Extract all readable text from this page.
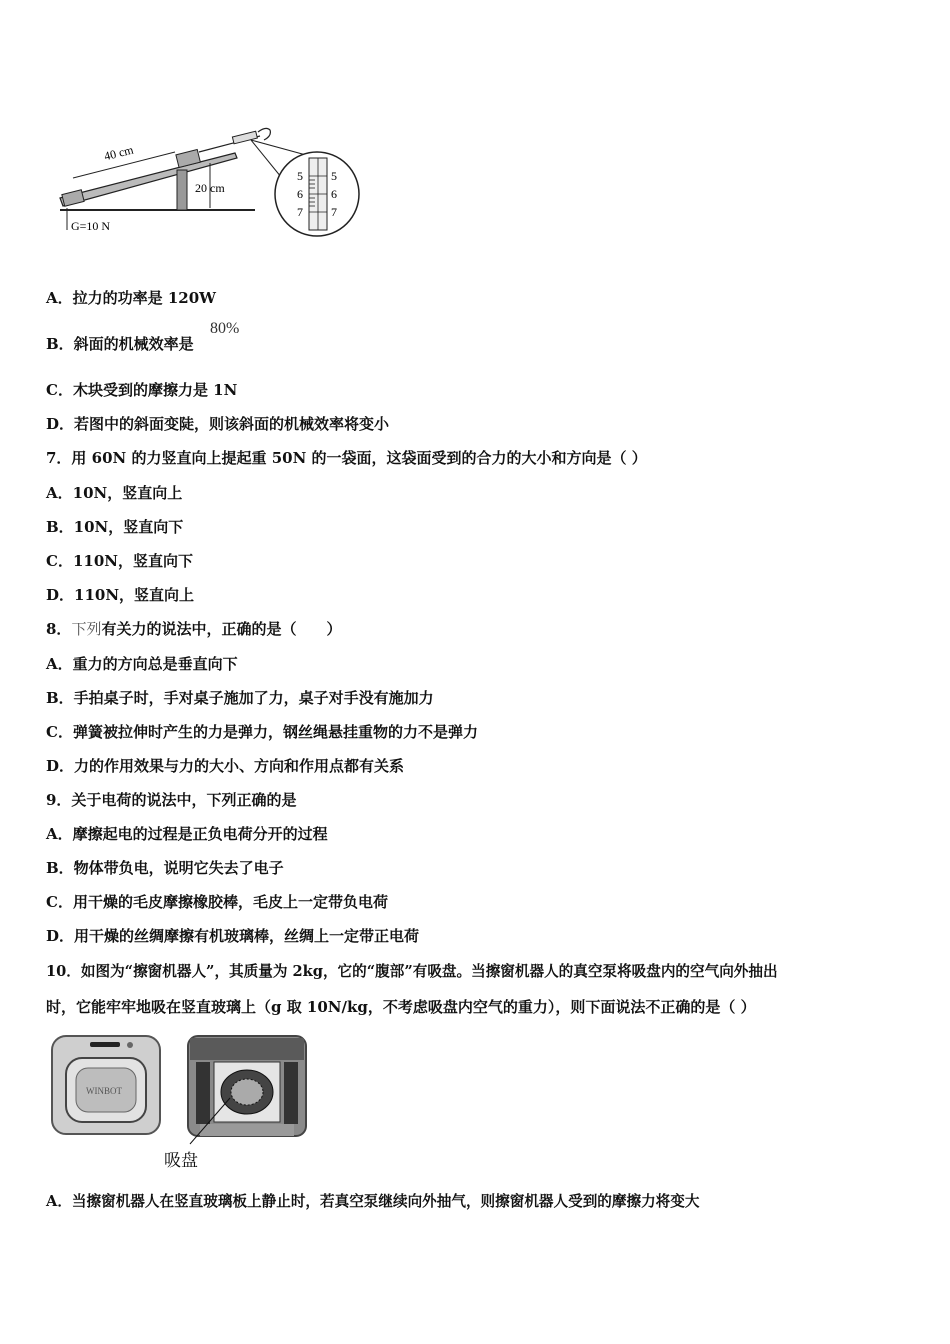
40 cm
20 cm
G=10 N
5
6
7
5
6
7
A．拉力的功率是 120W
B．斜面的机械效率是
80%
C．木块受到的摩擦力是 1N
D．若图中的斜面变陡，则该斜面的机械效率将变小
7．用 60N 的力竖直向上提起重 50N 的一袋面，这袋面受到的合力的大小和方向是（ ）
A．10N，竖直向上
B．10N，竖直向下
C．110N，竖直向下
D．110N，竖直向上
8．下列有关力的说法中，正确的是（　　）
A．重力的方向总是垂直向下
B．手拍桌子时，手对桌子施加了力，桌子对手没有施加力
C．弹簧被拉伸时产生的力是弹力，钢丝绳悬挂重物的力不是弹力
D．力的作用效果与力的大小、方向和作用点都有关系
9．关于电荷的说法中，下列正确的是
A．摩擦起电的过程是正负电荷分开的过程
B．物体带负电，说明它失去了电子
C．用干燥的毛皮摩擦橡胶棒，毛皮上一定带负电荷
D．用干燥的丝绸摩擦有机玻璃棒，丝绸上一定带正电荷
10．如图为“擦窗机器人”，其质量为 2kg，它的“腹部”有吸盘。当擦窗机器人的真空泵将吸盘内的空气向外抽出
时，它能牢牢地吸在竖直玻璃上（g 取 10N/kg，不考虑吸盘内空气的重力），则下面说法不正确的是（ ）
WINBOT
吸盘
A．当擦窗机器人在竖直玻璃板上静止时，若真空泵继续向外抽气，则擦窗机器人受到的摩擦力将变大
